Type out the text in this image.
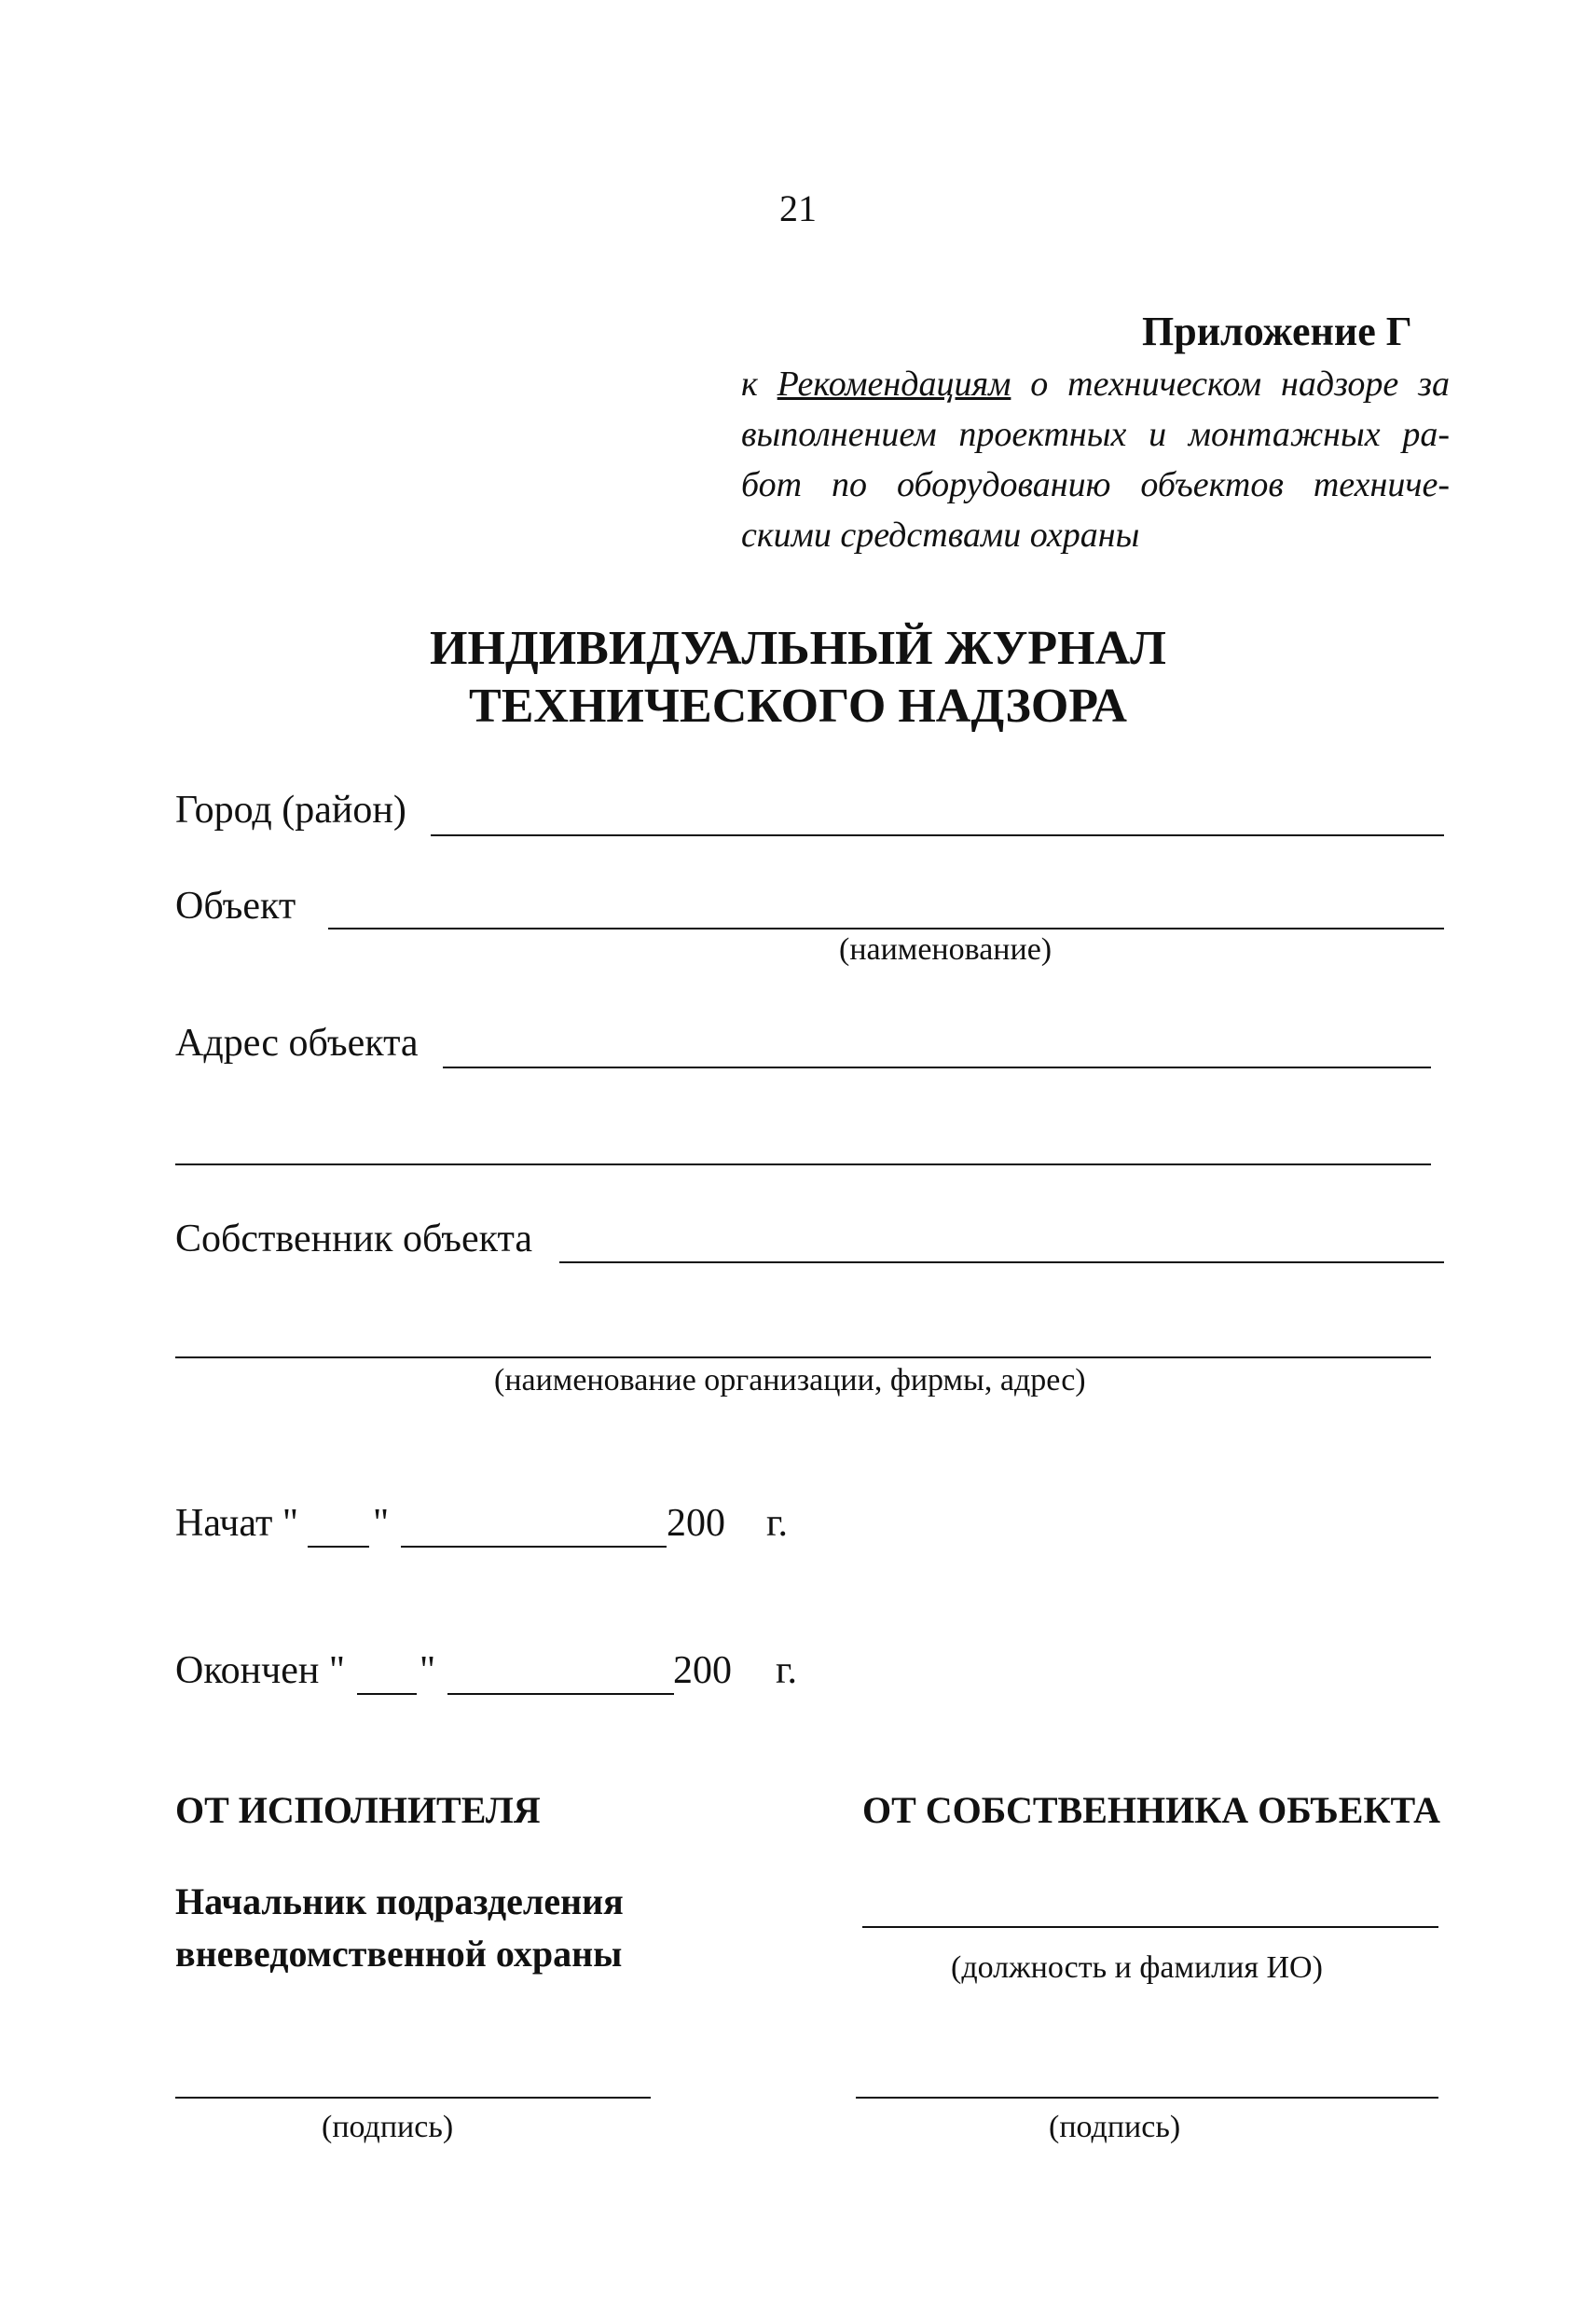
21
Приложение Г
к Рекомендациям о техническом надзоре за
выполнением проектных и монтажных ра-
бот по оборудованию объектов техниче-
скими средствами охраны
ИНДИВИДУАЛЬНЫЙ ЖУРНАЛ
ТЕХНИЧЕСКОГО НАДЗОРА
Город (район)
Объект
(наименование)
Адрес объекта
Собственник объекта
(наименование организации, фирмы, адрес)
Начат " "	200 г.
Окончен " "	200 г.
ОТ ИСПОЛНИТЕЛЯ	ОТ СОБСТВЕННИКА ОБЪЕКТА
Начальник подразделения
вневедомственной охраны	(должность и фамилия ИО)
(подпись)	(подпись)
